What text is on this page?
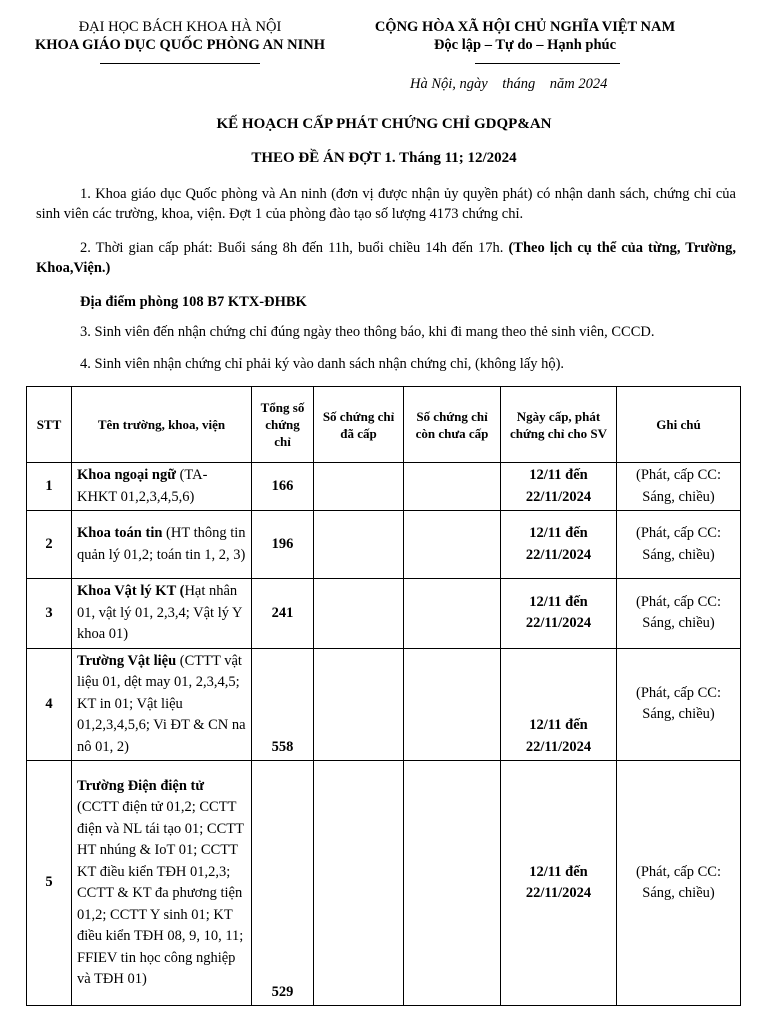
ĐẠI HỌC BÁCH KHOA HÀ NỘI
KHOA GIÁO DỤC QUỐC PHÒNG AN NINH
CỘNG HÒA XÃ HỘI CHỦ NGHĨA VIỆT NAM
Độc lập – Tự do – Hạnh phúc
Hà Nội, ngày    tháng    năm 2024
KẾ HOẠCH CẤP PHÁT CHỨNG CHỈ GDQP&AN
THEO ĐỀ ÁN ĐỢT 1. Tháng 11; 12/2024
1. Khoa giáo dục Quốc phòng và An ninh (đơn vị được nhận ủy quyền phát) có nhận danh sách, chứng chỉ của sinh viên các trường, khoa, viện. Đợt 1 của phòng đào tạo số lượng 4173 chứng chỉ.
2. Thời gian cấp phát: Buổi sáng 8h đến 11h, buổi chiều 14h đến 17h. (Theo lịch cụ thể của từng, Trường, Khoa,Viện.)
Địa điểm phòng 108 B7 KTX-ĐHBK
3. Sinh viên đến nhận chứng chỉ đúng ngày theo thông báo, khi đi mang theo thẻ sinh viên, CCCD.
4. Sinh viên nhận chứng chỉ phải ký vào danh sách nhận chứng chỉ, (không lấy hộ).
STT	Tên trường, khoa, viện	Tổng số chứng chỉ	Số chứng chỉ đã cấp	Số chứng chỉ còn chưa cấp	Ngày cấp, phát chứng chỉ cho SV	Ghi chú
1	Khoa ngoại ngữ (TA-KHKT 01,2,3,4,5,6)	166			12/11 đến 22/11/2024	(Phát, cấp CC: Sáng, chiều)
2	Khoa toán tin (HT thông tin quản lý 01,2; toán tin 1, 2, 3)	196			12/11 đến 22/11/2024	(Phát, cấp CC: Sáng, chiều)
3	Khoa Vật lý KT (Hạt nhân 01, vật lý 01, 2,3,4; Vật lý Y khoa 01)	241			12/11 đến 22/11/2024	(Phát, cấp CC: Sáng, chiều)
4	Trường Vật liệu (CTTT vật liệu 01, dệt may 01, 2,3,4,5; KT in 01; Vật liệu 01,2,3,4,5,6; Vi ĐT & CN na nô 01, 2)	558			12/11 đến 22/11/2024	(Phát, cấp CC: Sáng, chiều)
5	Trường Điện điện tử (CCTT điện tử 01,2; CCTT điện và NL tái tạo 01; CCTT HT nhúng & IoT 01; CCTT KT điều kiển TĐH 01,2,3; CCTT & KT đa phương tiện 01,2; CCTT Y sinh 01; KT điều kiển TĐH 08, 9, 10, 11; FFIEV tin học công nghiệp và TĐH 01)	529			12/11 đến 22/11/2024	(Phát, cấp CC: Sáng, chiều)
